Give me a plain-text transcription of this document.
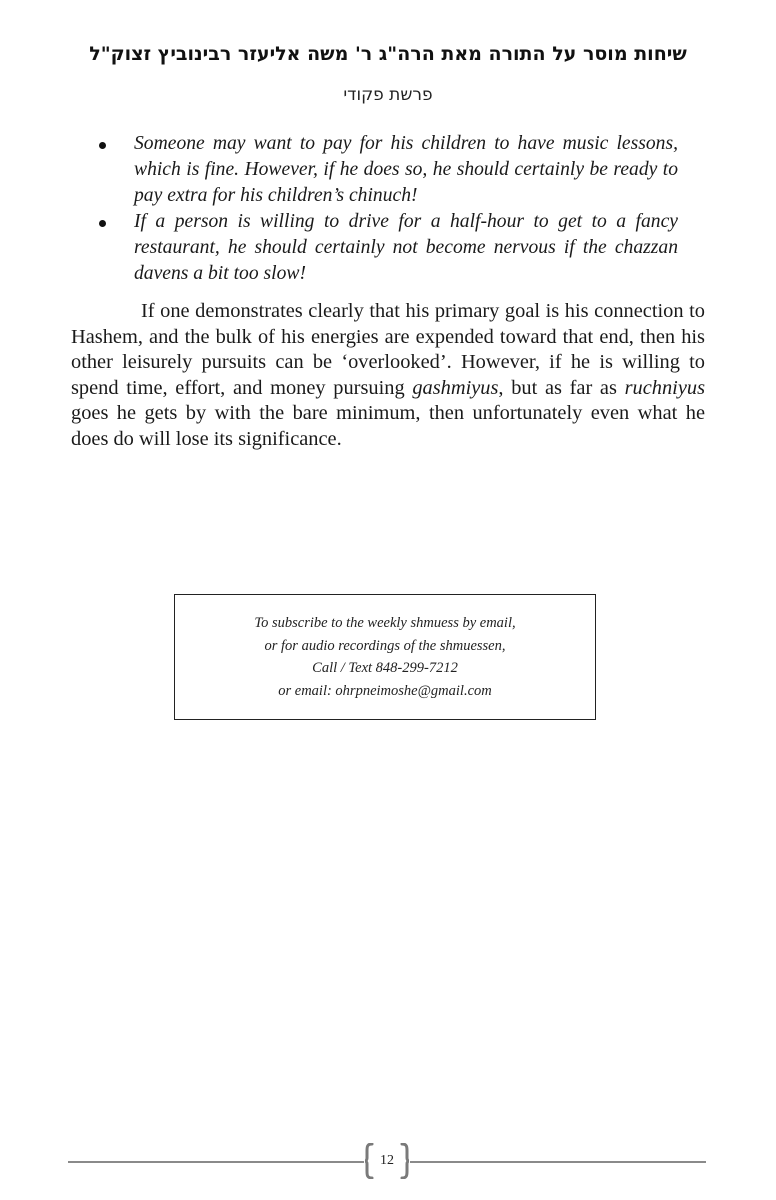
שיחות מוסר על התורה מאת הרה"ג ר' משה אליעזר רבינוביץ זצוק"ל
פרשת פקודי
Someone may want to pay for his children to have music lessons, which is fine. However, if he does so, he should certainly be ready to pay extra for his children’s chinuch!
If a person is willing to drive for a half-hour to get to a fancy restaurant, he should certainly not become nervous if the chazzan davens a bit too slow!

If one demonstrates clearly that his primary goal is his connection to Hashem, and the bulk of his energies are expended toward that end, then his other leisurely pursuits can be ‘overlooked’. However, if he is willing to spend time, effort, and money pursuing gashmiyus, but as far as ruchniyus goes he gets by with the bare minimum, then unfortunately even what he does do will lose its significance.

To subscribe to the weekly shmuess by email,
or for audio recordings of the shmuessen,
Call / Text 848-299-7212
or email: ohrpneimoshe@gmail.com
12
